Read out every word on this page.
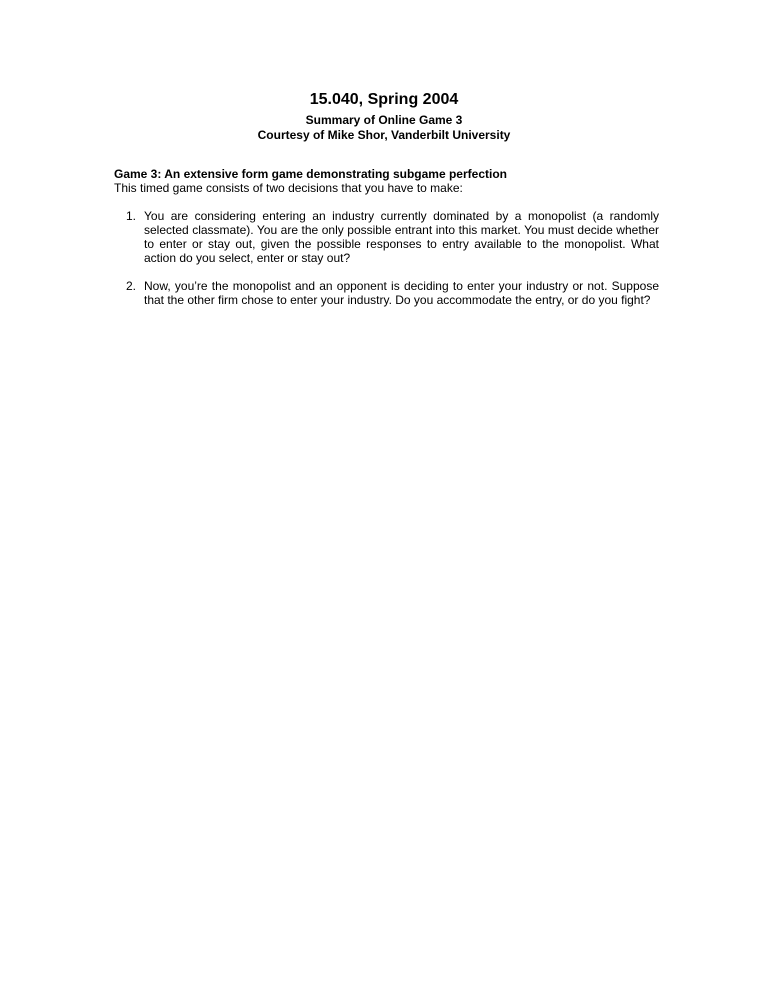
15.040, Spring 2004

Summary of Online Game 3

Courtesy of Mike Shor, Vanderbilt University

Game 3: An extensive form game demonstrating subgame perfection

This timed game consists of two decisions that you have to make:

1. You are considering entering an industry currently dominated by a monopolist (a randomly selected classmate). You are the only possible entrant into this market. You must decide whether to enter or stay out, given the possible responses to entry available to the monopolist. What action do you select, enter or stay out?
2. Now, you’re the monopolist and an opponent is deciding to enter your industry or not. Suppose that the other firm chose to enter your industry. Do you accommodate the entry, or do you fight?
